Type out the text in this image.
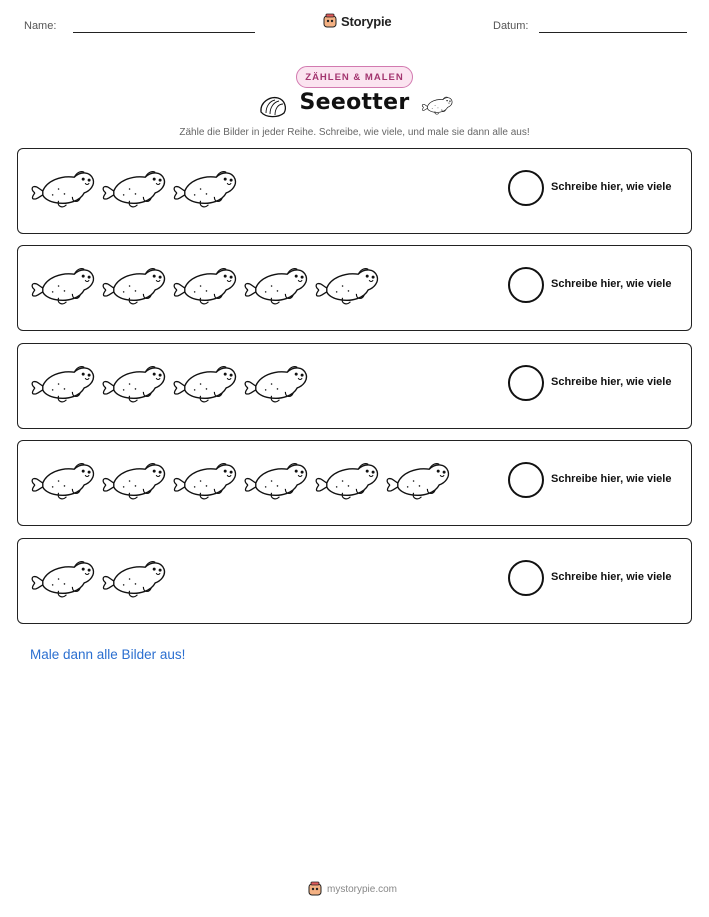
Name:	Storypie	Datum:
ZÄHLEN & MALEN
Seeotter
Zähle die Bilder in jeder Reihe. Schreibe, wie viele, und male sie dann alle aus!
Schreibe hier, wie viele
Schreibe hier, wie viele
Schreibe hier, wie viele
Schreibe hier, wie viele
Schreibe hier, wie viele
Male dann alle Bilder aus!
mystorypie.com
